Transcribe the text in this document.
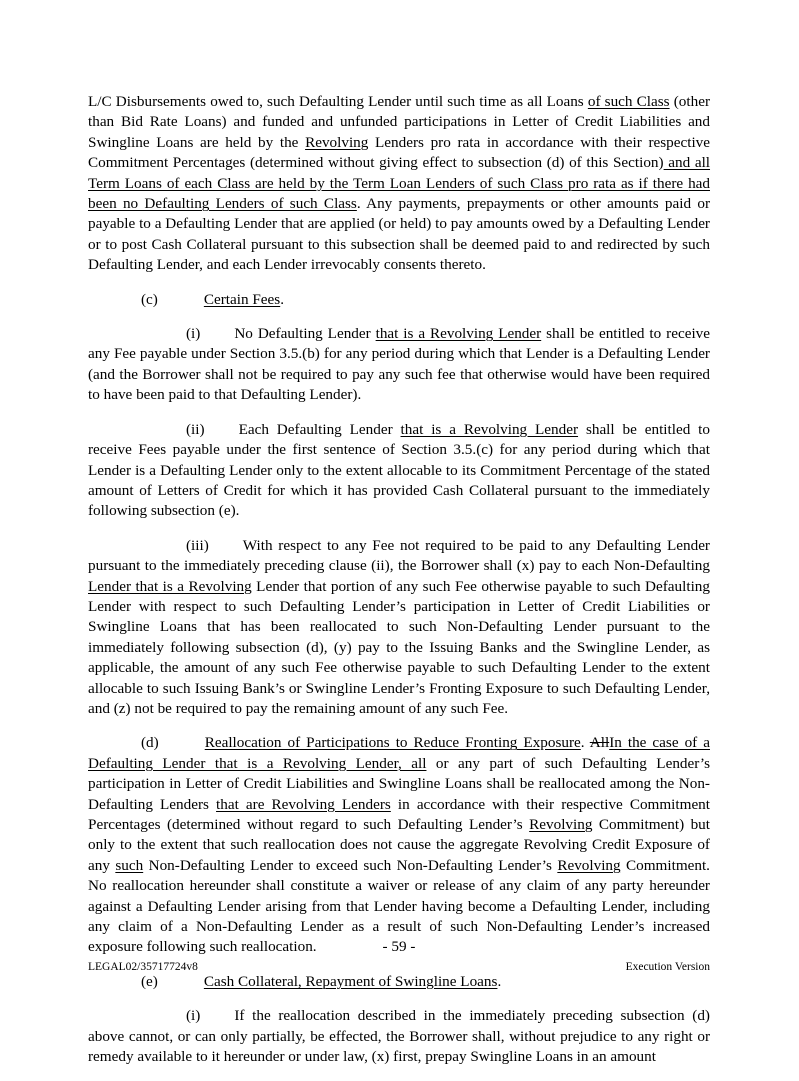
L/C Disbursements owed to, such Defaulting Lender until such time as all Loans of such Class (other than Bid Rate Loans) and funded and unfunded participations in Letter of Credit Liabilities and Swingline Loans are held by the Revolving Lenders pro rata in accordance with their respective Commitment Percentages (determined without giving effect to subsection (d) of this Section) and all Term Loans of each Class are held by the Term Loan Lenders of such Class pro rata as if there had been no Defaulting Lenders of such Class. Any payments, prepayments or other amounts paid or payable to a Defaulting Lender that are applied (or held) to pay amounts owed by a Defaulting Lender or to post Cash Collateral pursuant to this subsection shall be deemed paid to and redirected by such Defaulting Lender, and each Lender irrevocably consents thereto.

(c)	Certain Fees.

(i) No Defaulting Lender that is a Revolving Lender shall be entitled to receive any Fee payable under Section 3.5.(b) for any period during which that Lender is a Defaulting Lender (and the Borrower shall not be required to pay any such fee that otherwise would have been required to have been paid to that Defaulting Lender).

(ii) Each Defaulting Lender that is a Revolving Lender shall be entitled to receive Fees payable under the first sentence of Section 3.5.(c) for any period during which that Lender is a Defaulting Lender only to the extent allocable to its Commitment Percentage of the stated amount of Letters of Credit for which it has provided Cash Collateral pursuant to the immediately following subsection (e).

(iii) With respect to any Fee not required to be paid to any Defaulting Lender pursuant to the immediately preceding clause (ii), the Borrower shall (x) pay to each Non-Defaulting Lender that is a Revolving Lender that portion of any such Fee otherwise payable to such Defaulting Lender with respect to such Defaulting Lender’s participation in Letter of Credit Liabilities or Swingline Loans that has been reallocated to such Non-Defaulting Lender pursuant to the immediately following subsection (d), (y) pay to the Issuing Banks and the Swingline Lender, as applicable, the amount of any such Fee otherwise payable to such Defaulting Lender to the extent allocable to such Issuing Bank’s or Swingline Lender’s Fronting Exposure to such Defaulting Lender, and (z) not be required to pay the remaining amount of any such Fee.

(d)	Reallocation of Participations to Reduce Fronting Exposure. AllIn the case of a Defaulting Lender that is a Revolving Lender, all or any part of such Defaulting Lender’s participation in Letter of Credit Liabilities and Swingline Loans shall be reallocated among the Non-Defaulting Lenders that are Revolving Lenders in accordance with their respective Commitment Percentages (determined without regard to such Defaulting Lender’s Revolving Commitment) but only to the extent that such reallocation does not cause the aggregate Revolving Credit Exposure of any such Non-Defaulting Lender to exceed such Non-Defaulting Lender’s Revolving Commitment. No reallocation hereunder shall constitute a waiver or release of any claim of any party hereunder against a Defaulting Lender arising from that Lender having become a Defaulting Lender, including any claim of a Non-Defaulting Lender as a result of such Non-Defaulting Lender’s increased exposure following such reallocation.

(e)	Cash Collateral, Repayment of Swingline Loans.

(i) If the reallocation described in the immediately preceding subsection (d) above cannot, or can only partially, be effected, the Borrower shall, without prejudice to any right or remedy available to it hereunder or under law, (x) first, prepay Swingline Loans in an amount

- 59 -
LEGAL02/35717724v8	Execution Version
